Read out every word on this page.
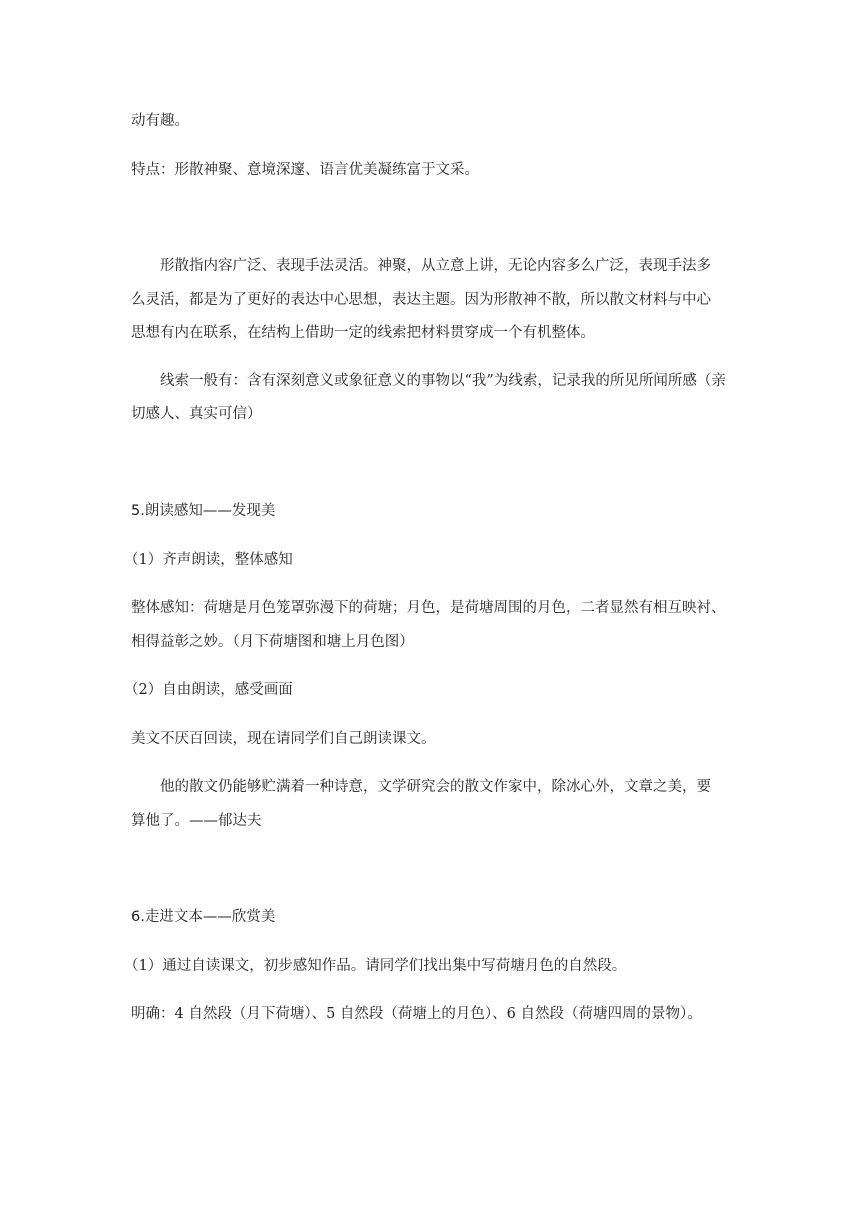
动有趣。
特点：形散神聚、意境深邃、语言优美凝练富于文采。
形散指内容广泛、表现手法灵活。神聚，从立意上讲，无论内容多么广泛，表现手法多
么灵活，都是为了更好的表达中心思想，表达主题。因为形散神不散，所以散文材料与中心
思想有内在联系，在结构上借助一定的线索把材料贯穿成一个有机整体。
线索一般有：含有深刻意义或象征意义的事物以“我”为线索，记录我的所见所闻所感（亲
切感人、真实可信）
5.朗读感知——发现美
（1）齐声朗读，整体感知
整体感知：荷塘是月色笼罩弥漫下的荷塘；月色，是荷塘周围的月色，二者显然有相互映衬、
相得益彰之妙。（月下荷塘图和塘上月色图）
（2）自由朗读，感受画面
美文不厌百回读，现在请同学们自己朗读课文。
他的散文仍能够贮满着一种诗意，文学研究会的散文作家中，除冰心外，文章之美，要
算他了。——郁达夫
6.走进文本——欣赏美
（1）通过自读课文，初步感知作品。请同学们找出集中写荷塘月色的自然段。
明确：4 自然段（月下荷塘）、5 自然段（荷塘上的月色）、6 自然段（荷塘四周的景物）。
